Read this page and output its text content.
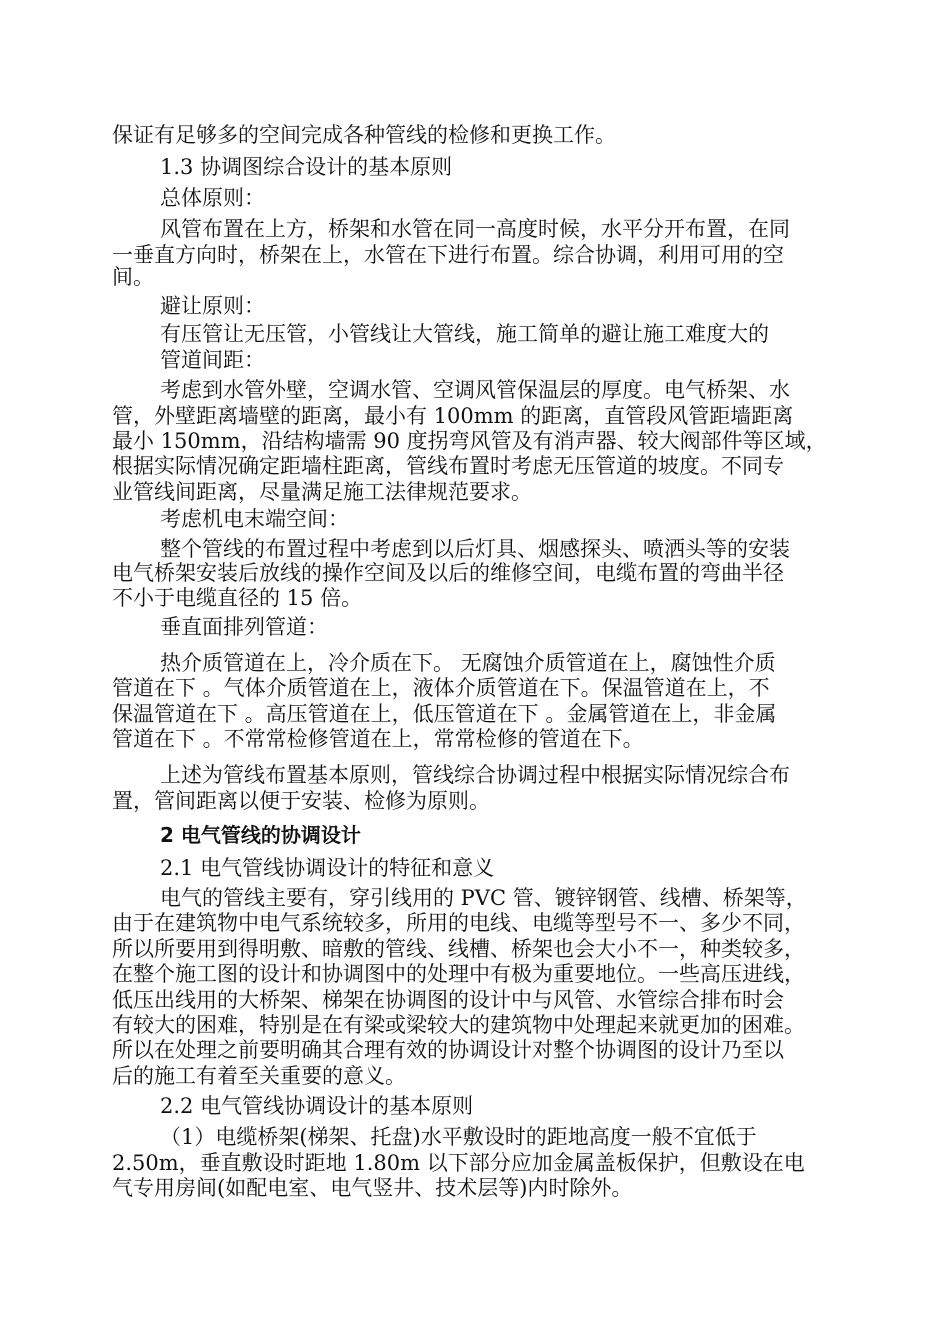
保证有足够多的空间完成各种管线的检修和更换工作。
1.3 协调图综合设计的基本原则
总体原则：
风管布置在上方，桥架和水管在同一高度时候，水平分开布置，在同
一垂直方向时，桥架在上，水管在下进行布置。综合协调，利用可用的空
间。
避让原则：
有压管让无压管，小管线让大管线，施工简单的避让施工难度大的
管道间距：
考虑到水管外壁，空调水管、空调风管保温层的厚度。电气桥架、水
管，外壁距离墙壁的距离，最小有 100mm 的距离，直管段风管距墙距离
最小 150mm，沿结构墙需 90 度拐弯风管及有消声器、较大阀部件等区域，
根据实际情况确定距墙柱距离，管线布置时考虑无压管道的坡度。不同专
业管线间距离，尽量满足施工法律规范要求。
考虑机电末端空间：
整个管线的布置过程中考虑到以后灯具、烟感探头、喷洒头等的安装
电气桥架安装后放线的操作空间及以后的维修空间，电缆布置的弯曲半径
不小于电缆直径的 15 倍。
垂直面排列管道：
热介质管道在上，冷介质在下。 无腐蚀介质管道在上，腐蚀性介质
管道在下 。气体介质管道在上，液体介质管道在下。保温管道在上，不
保温管道在下 。高压管道在上，低压管道在下 。金属管道在上，非金属
管道在下 。不常常检修管道在上，常常检修的管道在下。
上述为管线布置基本原则，管线综合协调过程中根据实际情况综合布
置，管间距离以便于安装、检修为原则。
2 电气管线的协调设计
2.1 电气管线协调设计的特征和意义
电气的管线主要有，穿引线用的 PVC 管、镀锌钢管、线槽、桥架等，
由于在建筑物中电气系统较多，所用的电线、电缆等型号不一、多少不同，
所以所要用到得明敷、暗敷的管线、线槽、桥架也会大小不一，种类较多，
在整个施工图的设计和协调图中的处理中有极为重要地位。一些高压进线，
低压出线用的大桥架、梯架在协调图的设计中与风管、水管综合排布时会
有较大的困难，特别是在有梁或梁较大的建筑物中处理起来就更加的困难。
所以在处理之前要明确其合理有效的协调设计对整个协调图的设计乃至以
后的施工有着至关重要的意义。
2.2 电气管线协调设计的基本原则
（1）电缆桥架(梯架、托盘)水平敷设时的距地高度一般不宜低于
2.50m，垂直敷设时距地 1.80m 以下部分应加金属盖板保护，但敷设在电
气专用房间(如配电室、电气竖井、技术层等)内时除外。
